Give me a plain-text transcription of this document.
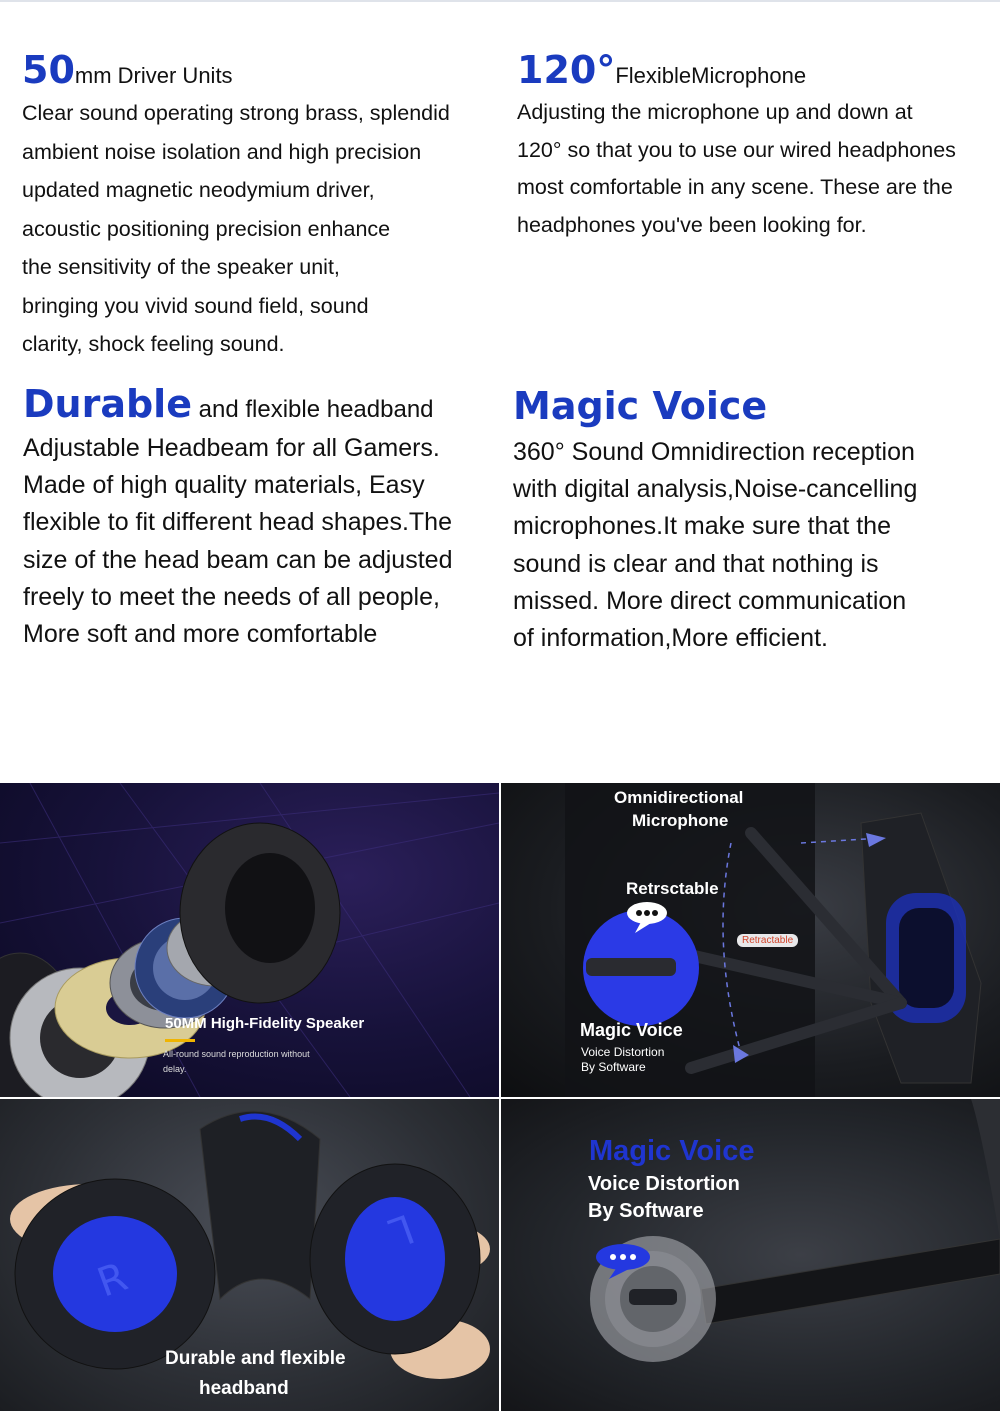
50mm Driver Units
Clear sound operating strong brass, splendid
ambient noise isolation and high precision
updated magnetic neodymium driver,
acoustic positioning precision enhance
the sensitivity of the speaker unit,
bringing you vivid sound field, sound
clarity, shock feeling sound.
120°FlexibleMicrophone
Adjusting the microphone up and down at
120° so that you to use our wired headphones
most comfortable in any scene. These are the
headphones you've been looking for.
Durable and flexible headband
Adjustable Headbeam for all Gamers.
Made of high quality materials, Easy
flexible to fit different head shapes.The
size of the head beam can be adjusted
freely to meet the needs of all people,
More soft and more comfortable
Magic Voice
360° Sound Omnidirection reception
with digital analysis,Noise-cancelling
microphones.It make sure that the
sound is clear and that nothing is
missed. More direct communication
of information,More efficient.
50MM High-Fidelity Speaker
All-round sound reproduction without
delay.
Omnidirectional
Microphone
Retrsctable
Retractable
Magic Voice
Voice Distortion
By Software
R
L
Durable and flexible
headband
Magic Voice
Voice Distortion
By Software
